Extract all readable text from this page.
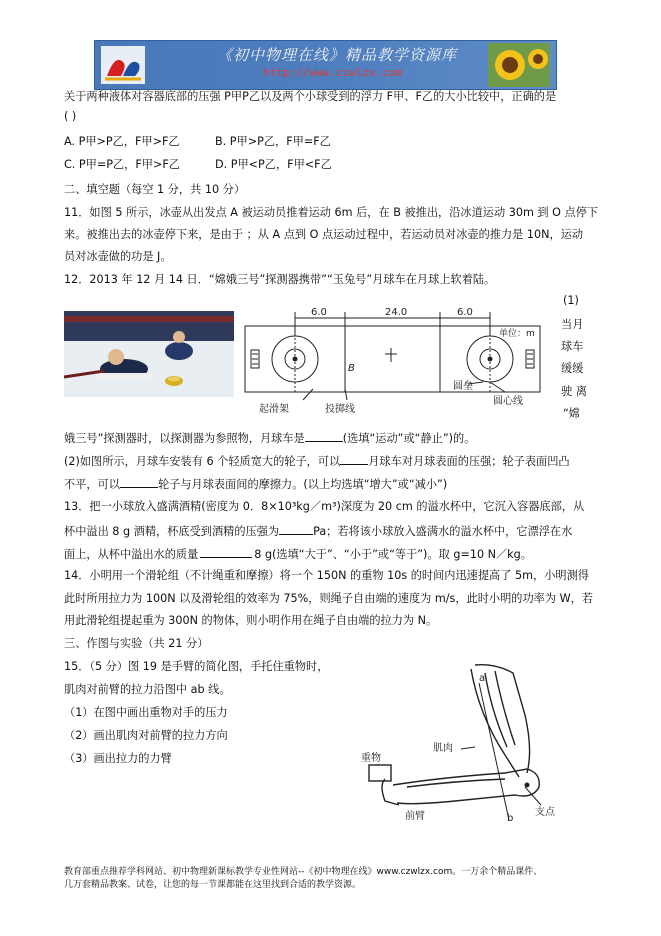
《初中物理在线》精品教学资源库
http://www.czwlzx.com
关于两种液体对容器底部的压强 P甲P乙以及两个小球受到的浮力 F甲、F乙的大小比较中，正确的是
( )
A. P甲>P乙，F甲>F乙	B. P甲>P乙，F甲=F乙
C. P甲=P乙，F甲>F乙	D. P甲<P乙，F甲<F乙
二、填空题（每空 1 分，共 10 分）
11．如图 5 所示，冰壶从出发点 A 被运动员推着运动 6m 后，在 B 被推出，沿冰道运动 30m 到 O 点停下
来。被推出去的冰壶停下来，是由于 ；从 A 点到 O 点运动过程中，若运动员对冰壶的推力是 10N，运动
员对冰壶做的功是 J。
12．2013 年 12 月 14 日．“嫦娥三号”探测器携带”“玉兔号”月球车在月球上软着陆。
6.0	24.0	6.0
单位：m
B
起滑架	投掷线
圆垒
圆心线
(1)
当月
球车
缓缓
驶 离
“嫦
娥三号”探测器时，以探测器为参照物，月球车是	(选填“运动”或“静止”)的。
(2)如图所示，月球车安装有 6 个轻质宽大的轮子，可以	月球车对月球表面的压强；轮子表面凹凸
不平，可以	轮子与月球表面间的摩擦力。(以上均选填“增大”或“减小”)
13．把一小球放入盛满酒精(密度为 0．8×10³kg／m³)深度为 20 cm 的溢水杯中，它沉入容器底部，从
杯中溢出 8 g 酒精，杯底受到酒精的压强为	Pa；若将该小球放入盛满水的溢水杯中，它漂浮在水
面上，从杯中溢出水的质量	8 g(选填“大于”、“小于”或“等于”)。取 g=10 N／kg。
14．小明用一个滑轮组（不计绳重和摩擦）将一个 150N 的重物 10s 的时间内迅速提高了 5m，小明测得
此时所用拉力为 100N 以及滑轮组的效率为 75%，则绳子自由端的速度为 m/s，此时小明的功率为 W，若
用此滑轮组提起重为 300N 的物体，则小明作用在绳子自由端的拉力为 N。
三、作图与实验（共 21 分）
15．（5 分）图 19 是手臂的简化图，手托住重物时，
肌肉对前臂的拉力沿图中 ab 线。
（1）在图中画出重物对手的压力
（2）画出肌肉对前臂的拉力方向
（3）画出拉力的力臂
a
b
肌肉
重物
前臂	支点
教育部重点推荐学科网站、初中物理新课标教学专业性网站--《初中物理在线》www.czwlzx.com。一万余个精品课件、
几万套精品教案、试卷，让您的每一节课都能在这里找到合适的教学资源。
